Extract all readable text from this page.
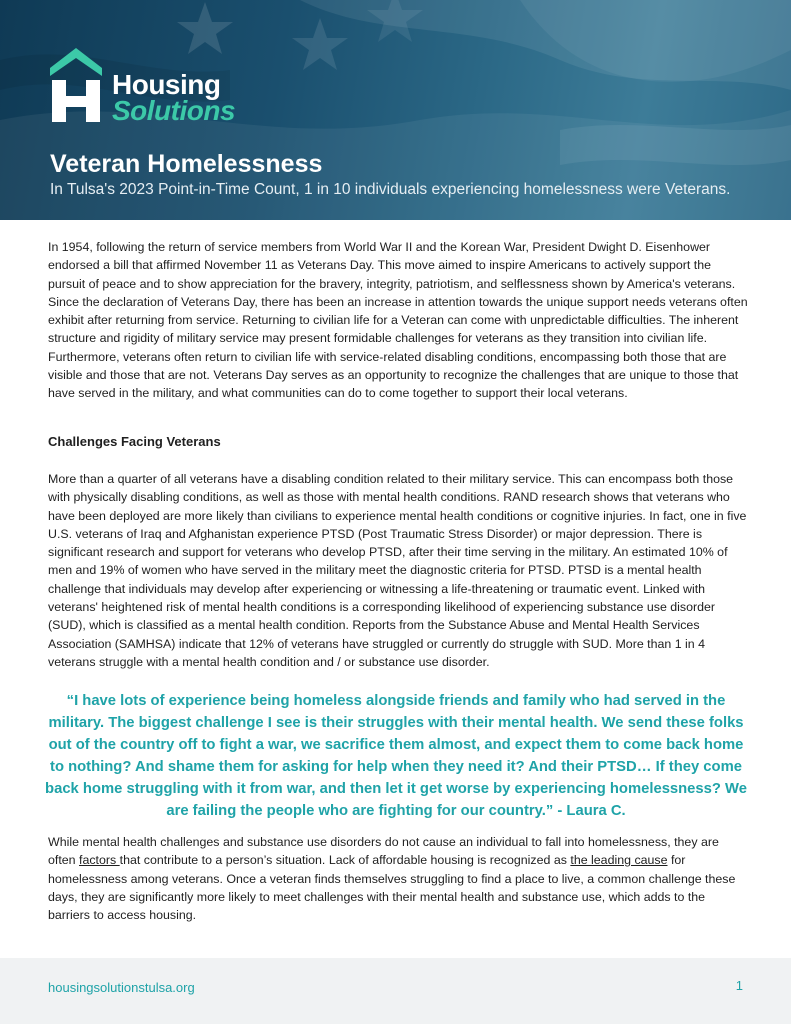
Housing
Solutions
Veteran Homelessness
In Tulsa's 2023 Point-in-Time Count, 1 in 10 individuals experiencing homelessness were Veterans.

In 1954, following the return of service members from World War II and the Korean War, President Dwight D. Eisenhower endorsed a bill that affirmed November 11 as Veterans Day. This move aimed to inspire Americans to actively support the pursuit of peace and to show appreciation for the bravery, integrity, patriotism, and selflessness shown by America's veterans. Since the declaration of Veterans Day, there has been an increase in attention towards the unique support needs veterans often exhibit after returning from service. Returning to civilian life for a Veteran can come with unpredictable difficulties. The inherent structure and rigidity of military service may present formidable challenges for veterans as they transition into civilian life. Furthermore, veterans often return to civilian life with service-related disabling conditions, encompassing both those that are visible and those that are not. Veterans Day serves as an opportunity to recognize the challenges that are unique to those that have served in the military, and what communities can do to come together to support their local veterans.

Challenges Facing Veterans

More than a quarter of all veterans have a disabling condition related to their military service. This can encompass both those with physically disabling conditions, as well as those with mental health conditions. RAND research shows that veterans who have been deployed are more likely than civilians to experience mental health conditions or cognitive injuries. In fact, one in five U.S. veterans of Iraq and Afghanistan experience PTSD (Post Traumatic Stress Disorder) or major depression. There is significant research and support for veterans who develop PTSD, after their time serving in the military. An estimated 10% of men and 19% of women who have served in the military meet the diagnostic criteria for PTSD. PTSD is a mental health challenge that individuals may develop after experiencing or witnessing a life-threatening or traumatic event. Linked with veterans' heightened risk of mental health conditions is a corresponding likelihood of experiencing substance use disorder (SUD), which is classified as a mental health condition. Reports from the Substance Abuse and Mental Health Services Association (SAMHSA) indicate that 12% of veterans have struggled or currently do struggle with SUD. More than 1 in 4 veterans struggle with a mental health condition and / or substance use disorder.

“I have lots of experience being homeless alongside friends and family who had served in the military. The biggest challenge I see is their struggles with their mental health. We send these folks out of the country off to fight a war, we sacrifice them almost, and expect them to come back home to nothing? And shame them for asking for help when they need it? And their PTSD… If they come back home struggling with it from war, and then let it get worse by experiencing homelessness? We are failing the people who are fighting for our country.” - Laura C.

While mental health challenges and substance use disorders do not cause an individual to fall into homelessness, they are often factors that contribute to a person’s situation. Lack of affordable housing is recognized as the leading cause for homelessness among veterans. Once a veteran finds themselves struggling to find a place to live, a common challenge these days, they are significantly more likely to meet challenges with their mental health and substance use, which adds to the barriers to access housing.

housingsolutionstulsa.org	1
